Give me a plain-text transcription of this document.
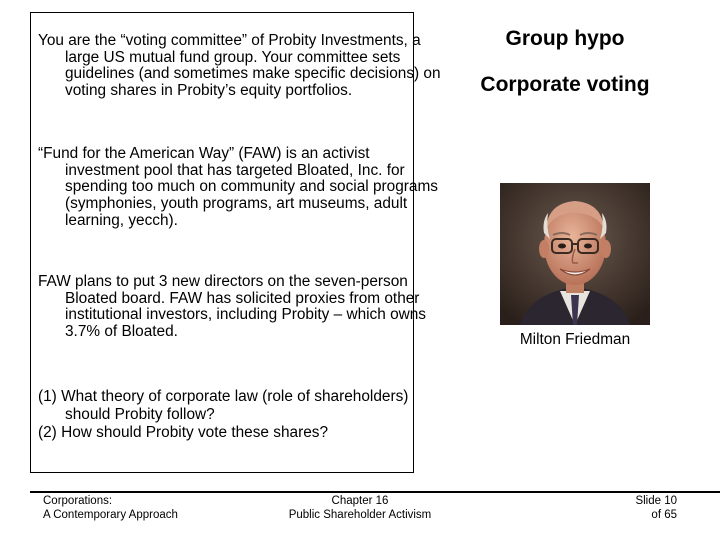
You are the “voting committee” of Probity Investments, a large US mutual fund group. Your committee sets guidelines (and sometimes make specific decisions) on voting shares in Probity’s equity portfolios.

“Fund for the American Way” (FAW) is an activist investment pool that has targeted Bloated, Inc. for spending too much on community and social programs (symphonies, youth programs, art museums, adult learning, yecch).

FAW plans to put 3 new directors on the seven-person Bloated board. FAW has solicited proxies from other institutional investors, including Probity – which owns 3.7% of Bloated.

(1) What theory of corporate law (role of shareholders) should Probity follow?

(2) How should Probity vote these shares?

Group hypo
Corporate voting
Milton Friedman
Corporations:
A Contemporary Approach
Chapter 16
Public Shareholder Activism
Slide 10
of 65
